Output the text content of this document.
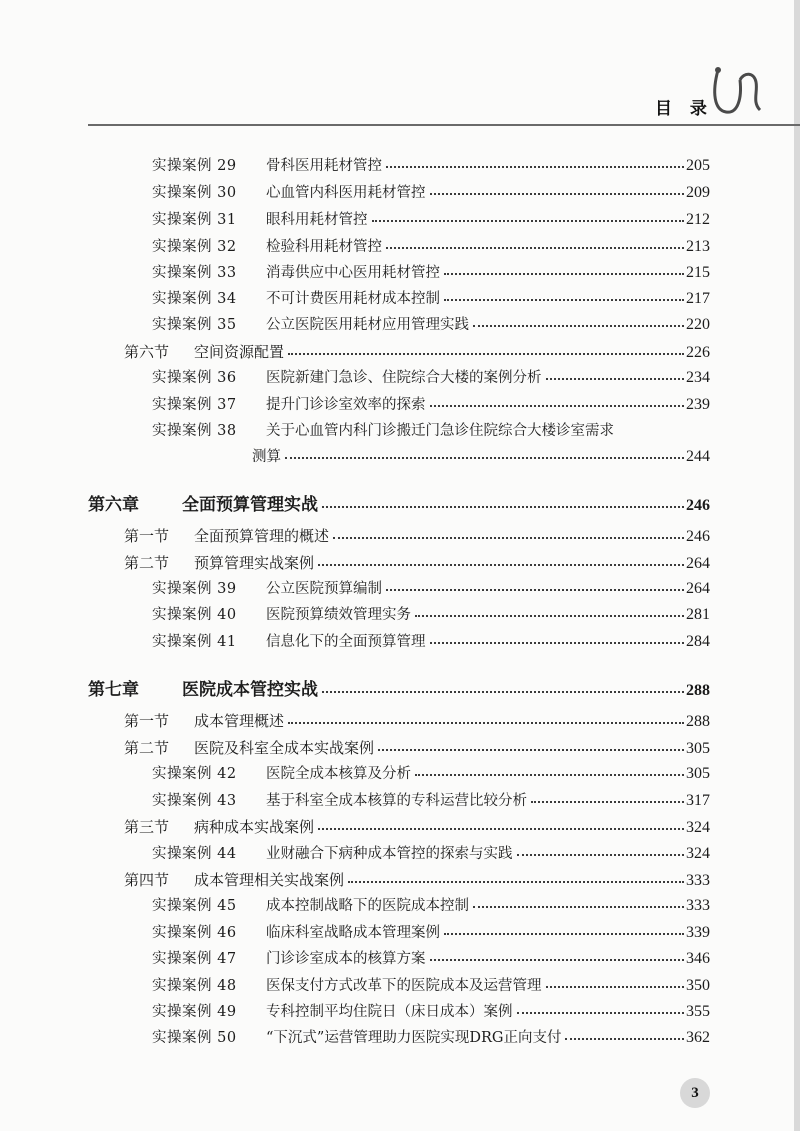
目 录
实操案例 29	骨科医用耗材管控	205
实操案例 30	心血管内科医用耗材管控	209
实操案例 31	眼科用耗材管控	212
实操案例 32	检验科用耗材管控	213
实操案例 33	消毒供应中心医用耗材管控	215
实操案例 34	不可计费医用耗材成本控制	217
实操案例 35	公立医院医用耗材应用管理实践	220
第六节	空间资源配置	226
实操案例 36	医院新建门急诊、住院综合大楼的案例分析	234
实操案例 37	提升门诊诊室效率的探索	239
实操案例 38	关于心血管内科门诊搬迁门急诊住院综合大楼诊室需求
测算	244
第六章	全面预算管理实战	246
第一节	全面预算管理的概述	246
第二节	预算管理实战案例	264
实操案例 39	公立医院预算编制	264
实操案例 40	医院预算绩效管理实务	281
实操案例 41	信息化下的全面预算管理	284
第七章	医院成本管控实战	288
第一节	成本管理概述	288
第二节	医院及科室全成本实战案例	305
实操案例 42	医院全成本核算及分析	305
实操案例 43	基于科室全成本核算的专科运营比较分析	317
第三节	病种成本实战案例	324
实操案例 44	业财融合下病种成本管控的探索与实践	324
第四节	成本管理相关实战案例	333
实操案例 45	成本控制战略下的医院成本控制	333
实操案例 46	临床科室战略成本管理案例	339
实操案例 47	门诊诊室成本的核算方案	346
实操案例 48	医保支付方式改革下的医院成本及运营管理	350
实操案例 49	专科控制平均住院日（床日成本）案例	355
实操案例 50	“下沉式”运营管理助力医院实现DRG正向支付	362
3
